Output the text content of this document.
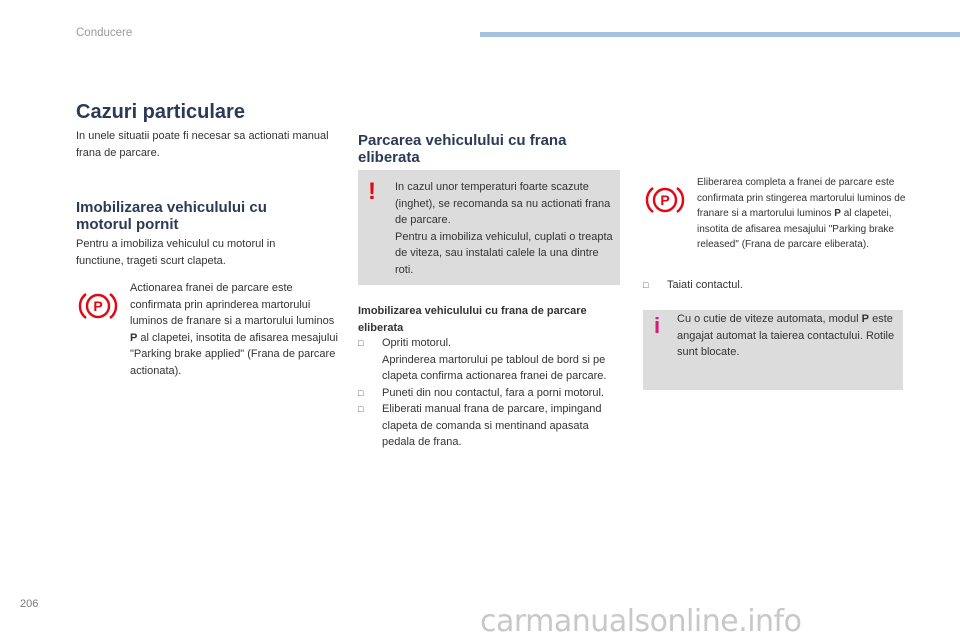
Conducere
Cazuri particulare
In unele situatii poate fi necesar sa actionati manual frana de parcare.
Imobilizarea vehiculului cu motorul pornit
Pentru a imobiliza vehiculul cu motorul in functiune, trageti scurt clapeta.
P
Actionarea franei de parcare este confirmata prin aprinderea martorului luminos de franare si a martorului luminos P al clapetei, insotita de afisarea mesajului "Parking brake applied" (Frana de parcare actionata).
Parcarea vehiculului cu frana eliberata
! In cazul unor temperaturi foarte scazute (inghet), se recomanda sa nu actionati frana de parcare.
Pentru a imobiliza vehiculul, cuplati o treapta de viteza, sau instalati calele la una dintre roti.
Imobilizarea vehiculului cu frana de parcare eliberata
□ Opriti motorul.
Aprinderea martorului pe tabloul de bord si pe clapeta confirma actionarea franei de parcare.
□ Puneti din nou contactul, fara a porni motorul.
□ Eliberati manual frana de parcare, impingand clapeta de comanda si mentinand apasata pedala de frana.
P
Eliberarea completa a franei de parcare este confirmata prin stingerea martorului luminos de franare si a martorului luminos P al clapetei, insotita de afisarea mesajului "Parking brake released" (Frana de parcare eliberata).
□ Taiati contactul.
i Cu o cutie de viteze automata, modul P este angajat automat la taierea contactului. Rotile sunt blocate.
206	carmanualsonline.info
